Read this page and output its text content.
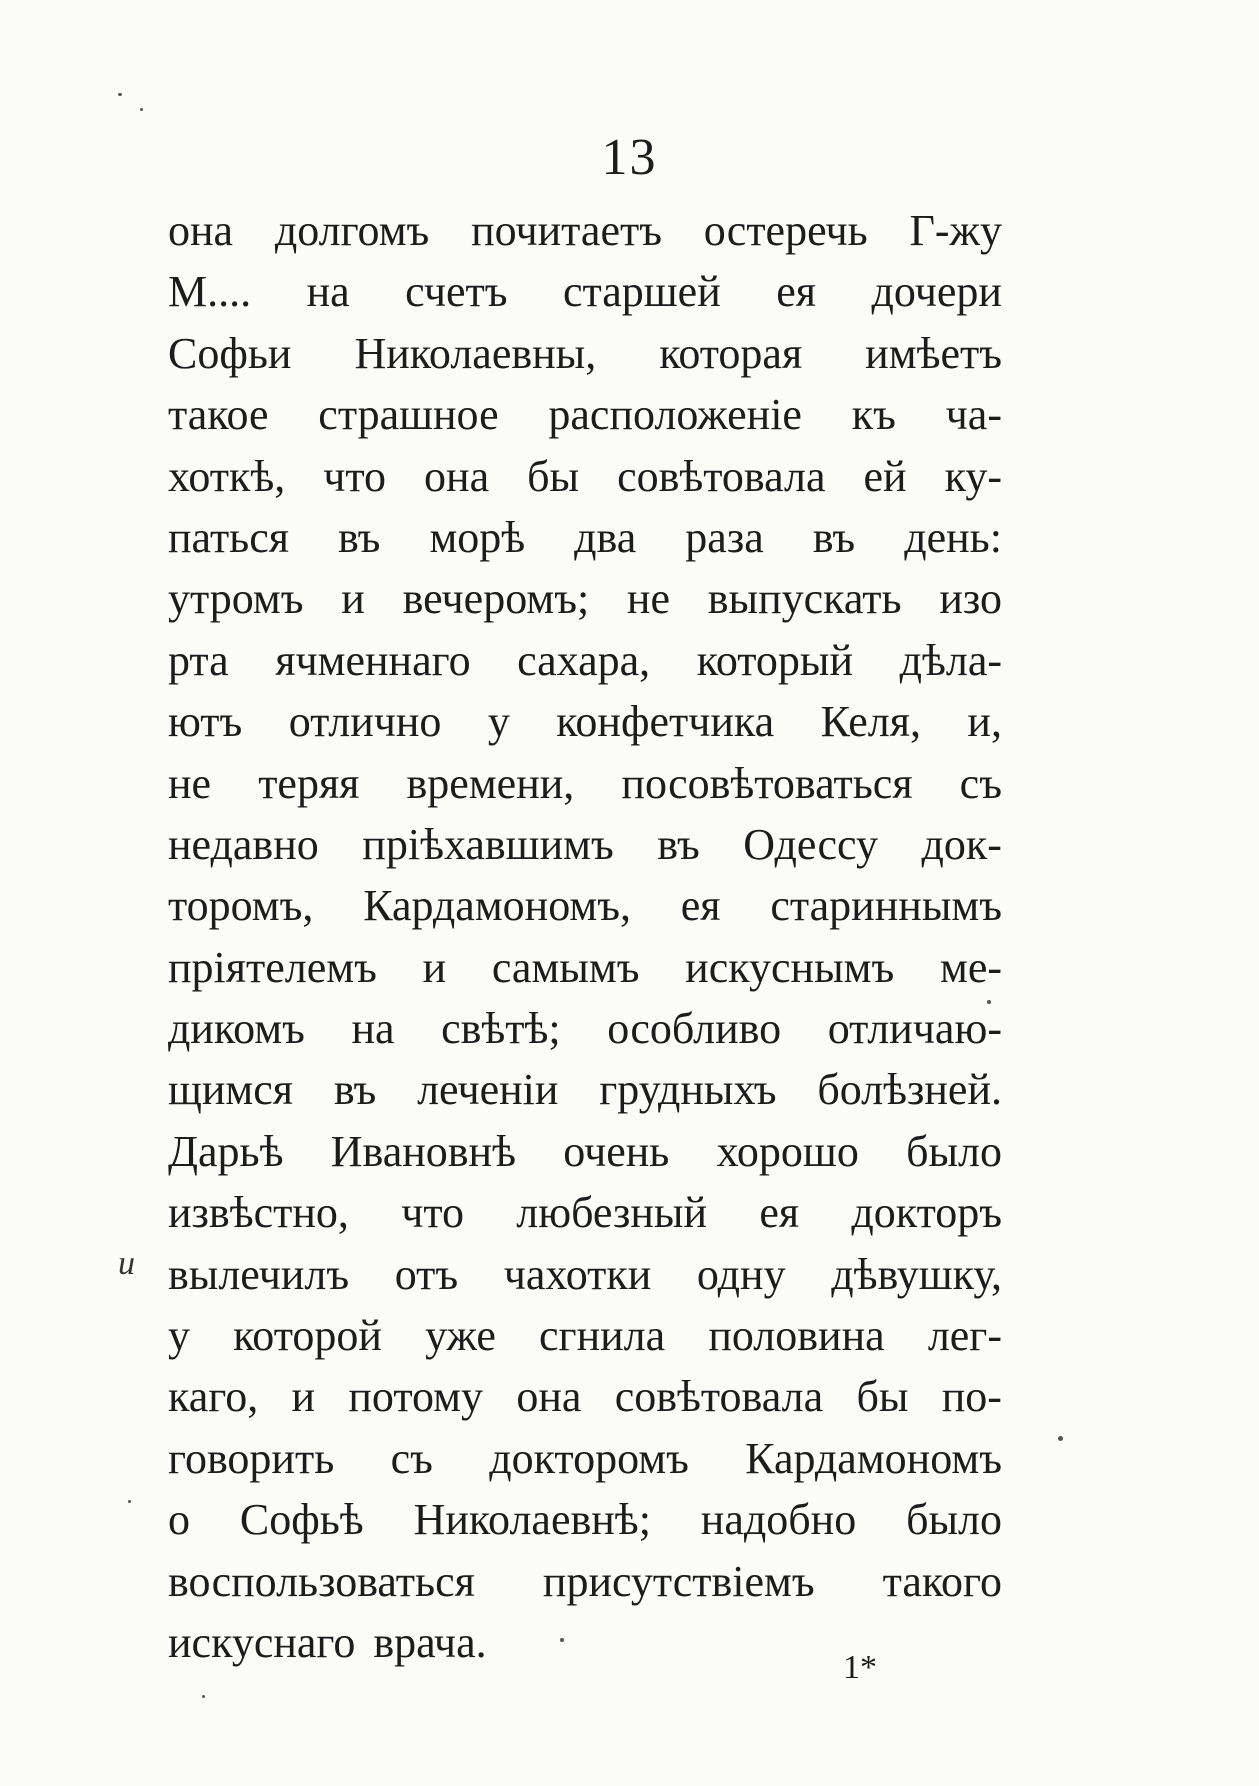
13
она долгомъ почитаетъ остеречь Г-жу
М.... на счетъ старшей ея дочери
Софьи Николаевны, которая имѣетъ
такое страшное расположенiе къ ча-
хоткѣ, что она бы совѣтовала ей ку-
паться въ морѣ два раза въ день:
утромъ и вечеромъ; не выпускать изо
рта ячменнаго сахара, который дѣла-
ютъ отлично у конфетчика Келя, и,
не теряя времени, посовѣтоваться съ
недавно прiѣхавшимъ въ Одессу док-
торомъ, Кардамономъ, ея стариннымъ
прiятелемъ и самымъ искуснымъ ме-
дикомъ на свѣтѣ; особливо отличаю-
щимся въ леченiи грудныхъ болѣзней.
Дарьѣ Ивановнѣ очень хорошо было
извѣстно, что любезный ея докторъ
вылечилъ отъ чахотки одну дѣвушку,
у которой уже сгнила половина лег-
каго, и потому она совѣтовала бы по-
говорить съ докторомъ Кардамономъ
о Софьѣ Николаевнѣ; надобно было
воспользоваться присутствiемъ такого
искуснаго врача.
и
1*
